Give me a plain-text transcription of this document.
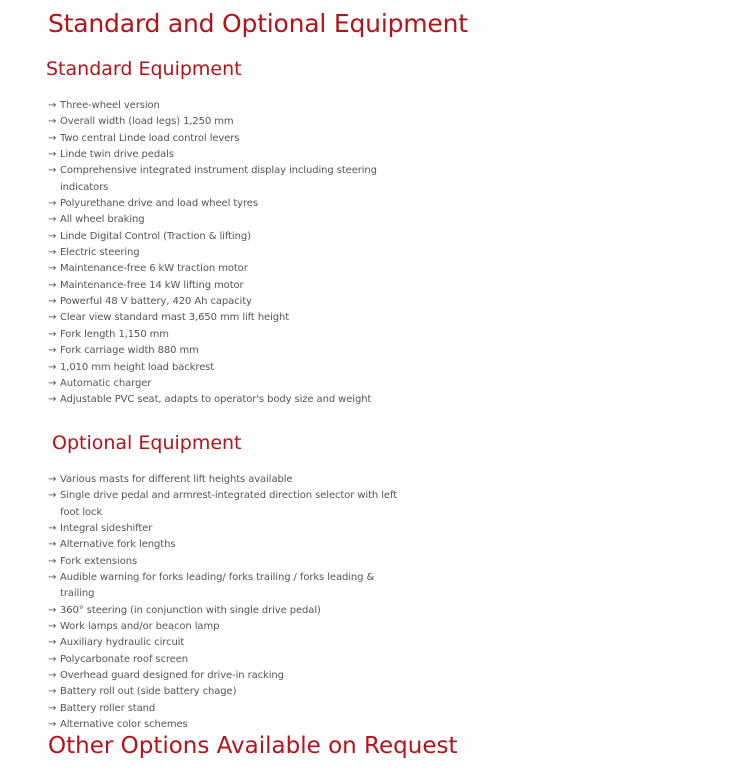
Standard and Optional Equipment
Standard Equipment
→ Three-wheel version
→ Overall width (load legs) 1,250 mm
→ Two central Linde load control levers
→ Linde twin drive pedals
→ Comprehensive integrated instrument display including steering indicators
→ Polyurethane drive and load wheel tyres
→ All wheel braking
→ Linde Digital Control (Traction & lifting)
→ Electric steering
→ Maintenance-free 6 kW traction motor
→ Maintenance-free 14 kW lifting motor
→ Powerful 48 V battery, 420 Ah capacity
→ Clear view standard mast 3,650 mm lift height
→ Fork length 1,150 mm
→ Fork carriage width 880 mm
→ 1,010 mm height load backrest
→ Automatic charger
→ Adjustable PVC seat, adapts to operator's body size and weight
Optional Equipment
→ Various masts for different lift heights available
→ Single drive pedal and armrest-integrated direction selector with left foot lock
→ Integral sideshifter
→ Alternative fork lengths
→ Fork extensions
→ Audible warning for forks leading/ forks trailing / forks leading & trailing
→ 360° steering (in conjunction with single drive pedal)
→ Work lamps and/or beacon lamp
→ Auxiliary hydraulic circuit
→ Polycarbonate roof screen
→ Overhead guard designed for drive-in racking
→ Battery roll out (side battery chage)
→ Battery roller stand
→ Alternative color schemes
Other Options Available on Request
